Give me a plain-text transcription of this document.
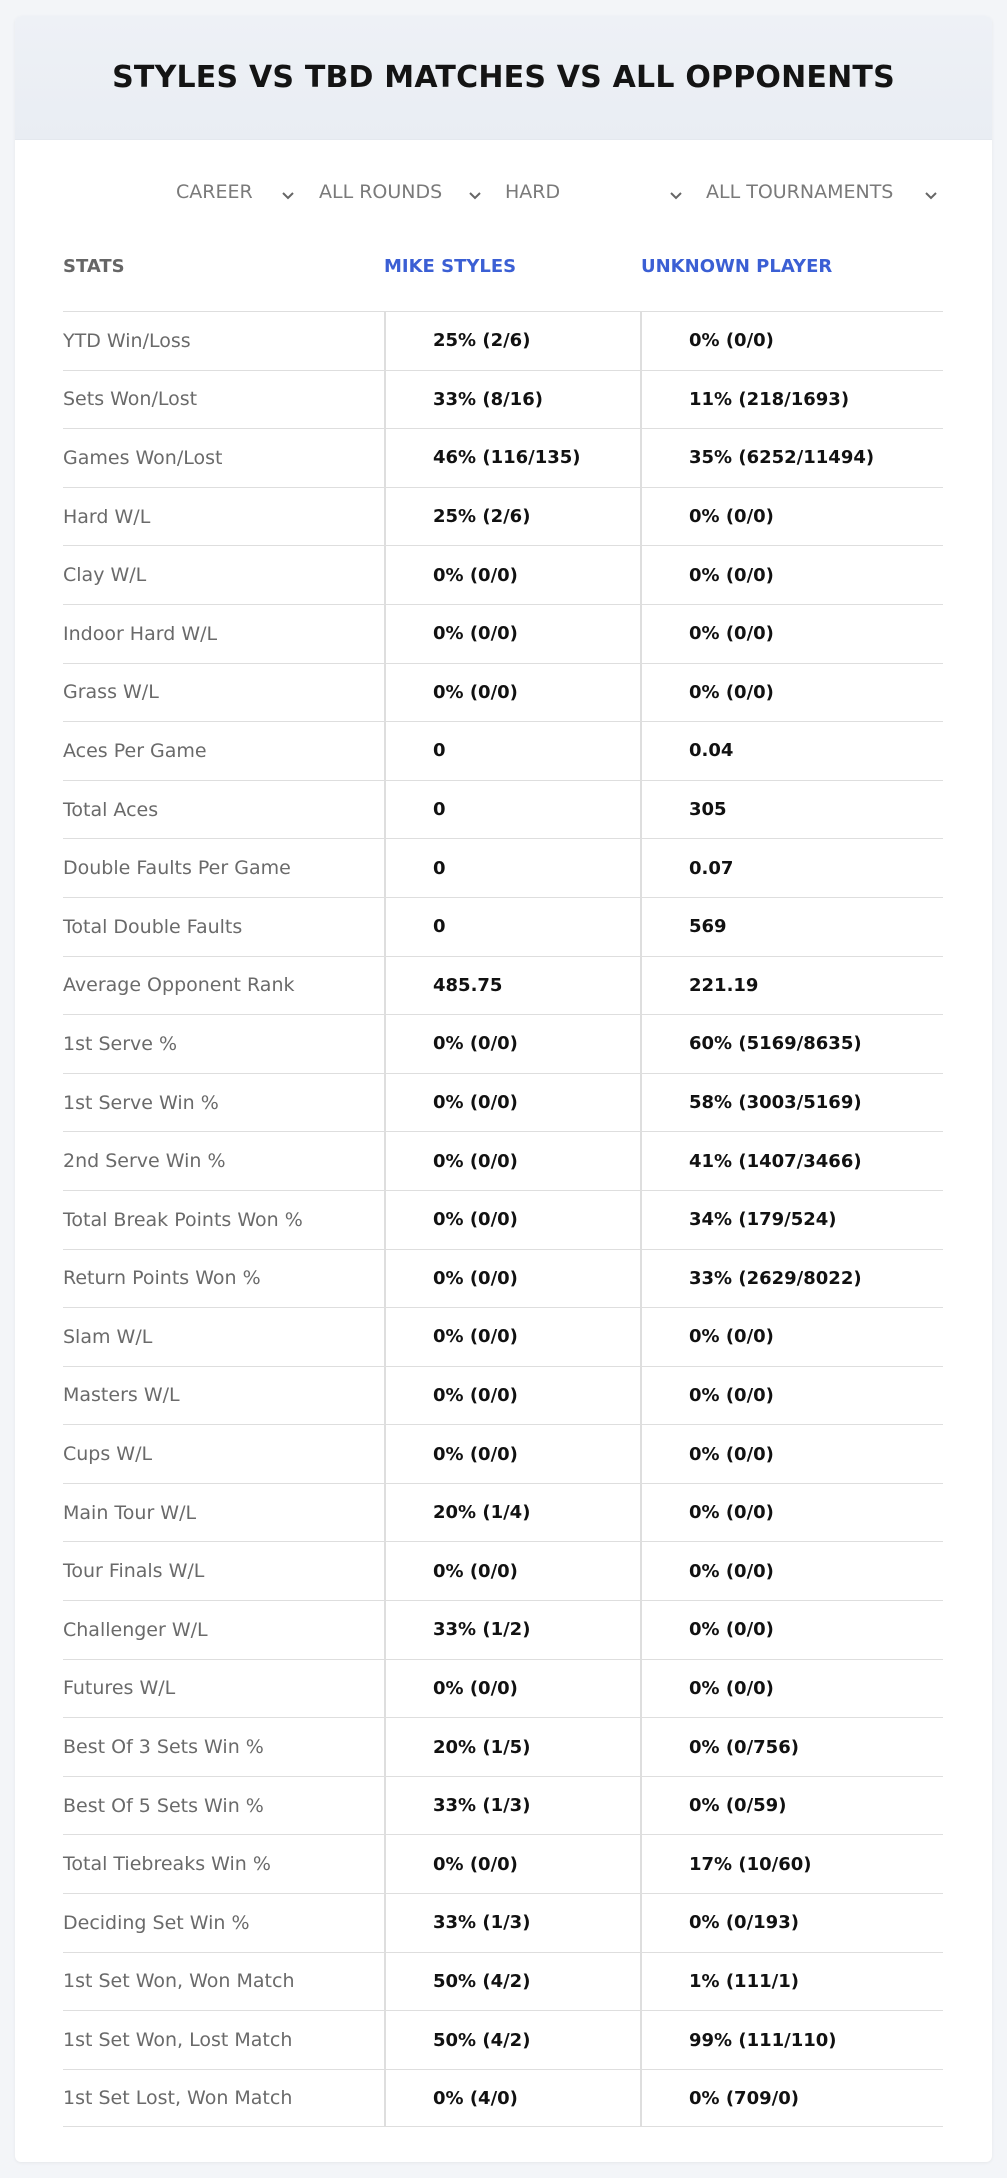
STYLES VS TBD MATCHES VS ALL OPPONENTS
CAREER	ALL ROUNDS	HARD	ALL TOURNAMENTS
STATS	MIKE STYLES	UNKNOWN PLAYER
YTD Win/Loss	25% (2/6)	0% (0/0)
Sets Won/Lost	33% (8/16)	11% (218/1693)
Games Won/Lost	46% (116/135)	35% (6252/11494)
Hard W/L	25% (2/6)	0% (0/0)
Clay W/L	0% (0/0)	0% (0/0)
Indoor Hard W/L	0% (0/0)	0% (0/0)
Grass W/L	0% (0/0)	0% (0/0)
Aces Per Game	0	0.04
Total Aces	0	305
Double Faults Per Game	0	0.07
Total Double Faults	0	569
Average Opponent Rank	485.75	221.19
1st Serve %	0% (0/0)	60% (5169/8635)
1st Serve Win %	0% (0/0)	58% (3003/5169)
2nd Serve Win %	0% (0/0)	41% (1407/3466)
Total Break Points Won %	0% (0/0)	34% (179/524)
Return Points Won %	0% (0/0)	33% (2629/8022)
Slam W/L	0% (0/0)	0% (0/0)
Masters W/L	0% (0/0)	0% (0/0)
Cups W/L	0% (0/0)	0% (0/0)
Main Tour W/L	20% (1/4)	0% (0/0)
Tour Finals W/L	0% (0/0)	0% (0/0)
Challenger W/L	33% (1/2)	0% (0/0)
Futures W/L	0% (0/0)	0% (0/0)
Best Of 3 Sets Win %	20% (1/5)	0% (0/756)
Best Of 5 Sets Win %	33% (1/3)	0% (0/59)
Total Tiebreaks Win %	0% (0/0)	17% (10/60)
Deciding Set Win %	33% (1/3)	0% (0/193)
1st Set Won, Won Match	50% (4/2)	1% (111/1)
1st Set Won, Lost Match	50% (4/2)	99% (111/110)
1st Set Lost, Won Match	0% (4/0)	0% (709/0)
